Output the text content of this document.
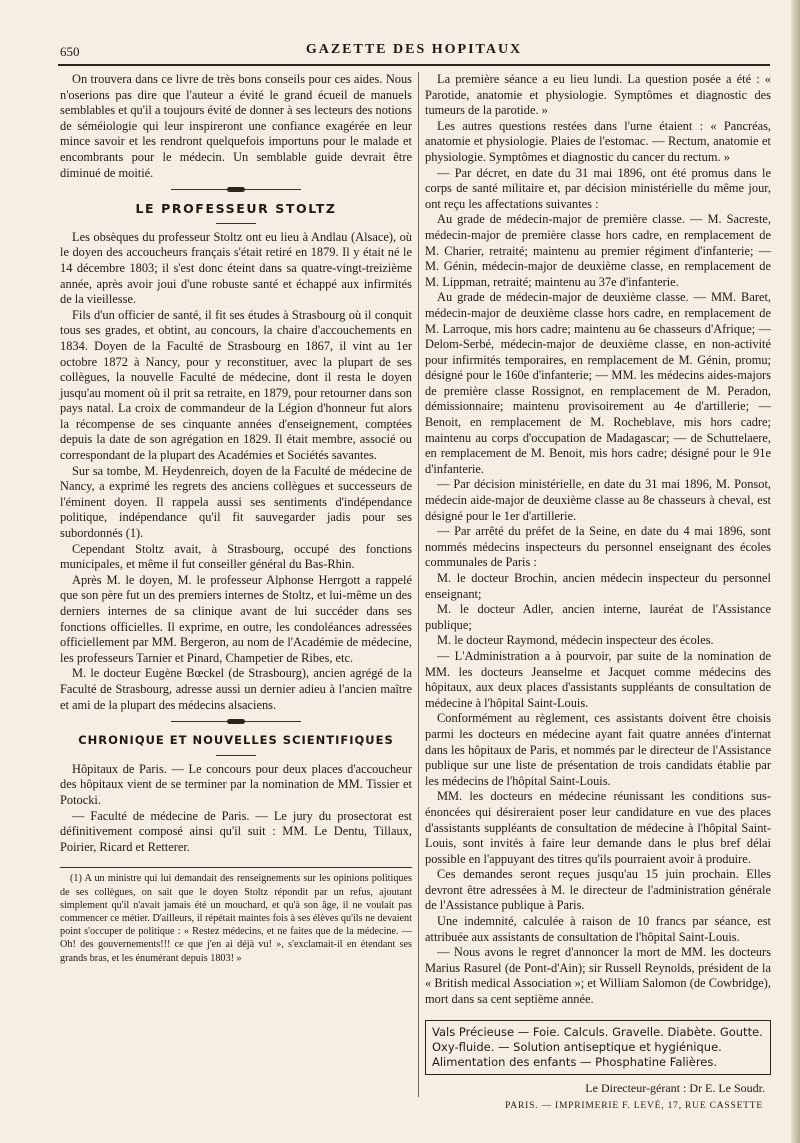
650	GAZETTE DES HOPITAUX

On trouvera dans ce livre de très bons conseils pour ces aides. Nous n'oserions pas dire que l'auteur a évité le grand écueil de manuels semblables et qu'il a toujours évité de donner à ses lecteurs des notions de séméiologie qui leur inspireront une confiance exagérée en leur mince savoir et les rendront quelquefois importuns pour le malade et encombrants pour le médecin. Un semblable guide devrait être diminué de moitié.

LE PROFESSEUR STOLTZ

Les obsèques du professeur Stoltz ont eu lieu à Andlau (Alsace), où le doyen des accoucheurs français s'était retiré en 1879. Il y était né le 14 décembre 1803; il s'est donc éteint dans sa quatre-vingt-treizième année, après avoir joui d'une robuste santé et échappé aux infirmités de la vieillesse.

Fils d'un officier de santé, il fit ses études à Strasbourg où il conquit tous ses grades, et obtint, au concours, la chaire d'accouchements en 1834. Doyen de la Faculté de Strasbourg en 1867, il vint au 1er octobre 1872 à Nancy, pour y reconstituer, avec la plupart de ses collègues, la nouvelle Faculté de médecine, dont il resta le doyen jusqu'au moment où il prit sa retraite, en 1879, pour retourner dans son pays natal. La croix de commandeur de la Légion d'honneur fut alors la récompense de ses cinquante années d'enseignement, comptées depuis la date de son agrégation en 1829. Il était membre, associé ou correspondant de la plupart des Académies et Sociétés savantes.

Sur sa tombe, M. Heydenreich, doyen de la Faculté de médecine de Nancy, a exprimé les regrets des anciens collègues et successeurs de l'éminent doyen. Il rappela aussi ses sentiments d'indépendance politique, indépendance qu'il fit sauvegarder jadis pour ses subordonnés (1).

Cependant Stoltz avait, à Strasbourg, occupé des fonctions municipales, et même il fut conseiller général du Bas-Rhin.

Après M. le doyen, M. le professeur Alphonse Herrgott a rappelé que son père fut un des premiers internes de Stoltz, et lui-même un des derniers internes de sa clinique avant de lui succéder dans ses fonctions officielles. Il exprime, en outre, les condoléances adressées officiellement par MM. Bergeron, au nom de l'Académie de médecine, les professeurs Tarnier et Pinard, Champetier de Ribes, etc.

M. le docteur Eugène Bœckel (de Strasbourg), ancien agrégé de la Faculté de Strasbourg, adresse aussi un dernier adieu à l'ancien maître et ami de la plupart des médecins alsaciens.

CHRONIQUE ET NOUVELLES SCIENTIFIQUES

Hôpitaux de Paris. — Le concours pour deux places d'accoucheur des hôpitaux vient de se terminer par la nomination de MM. Tissier et Potocki.

— Faculté de médecine de Paris. — Le jury du prosectorat est définitivement composé ainsi qu'il suit : MM. Le Dentu, Tillaux, Poirier, Ricard et Retterer.

(1) A un ministre qui lui demandait des renseignements sur les opinions politiques de ses collègues, on sait que le doyen Stoltz répondit par un refus, ajoutant simplement qu'il n'avait jamais été un mouchard, et qu'à son âge, il ne voulait pas commencer ce métier. D'ailleurs, il répétait maintes fois à ses élèves qu'ils ne devaient point s'occuper de politique : « Restez médecins, et ne faites que de la médecine. — Oh! des gouvernements!!! ce que j'en ai déjà vu! », s'exclamait-il en étendant ses grands bras, et les énumérant depuis 1803! »

La première séance a eu lieu lundi. La question posée a été : « Parotide, anatomie et physiologie. Symptômes et diagnostic des tumeurs de la parotide. »

Les autres questions restées dans l'urne étaient : « Pancréas, anatomie et physiologie. Plaies de l'estomac. — Rectum, anatomie et physiologie. Symptômes et diagnostic du cancer du rectum. »

— Par décret, en date du 31 mai 1896, ont été promus dans le corps de santé militaire et, par décision ministérielle du même jour, ont reçu les affectations suivantes :

Au grade de médecin-major de première classe. — M. Sacreste, médecin-major de première classe hors cadre, en remplacement de M. Charier, retraité; maintenu au premier régiment d'infanterie; — M. Génin, médecin-major de deuxième classe, en remplacement de M. Lippman, retraité; maintenu au 37e d'infanterie.

Au grade de médecin-major de deuxième classe. — MM. Baret, médecin-major de deuxième classe hors cadre, en remplacement de M. Larroque, mis hors cadre; maintenu au 6e chasseurs d'Afrique; — Delom-Serbé, médecin-major de deuxième classe, en non-activité pour infirmités temporaires, en remplacement de M. Génin, promu; désigné pour le 160e d'infanterie; — MM. les médecins aides-majors de première classe Rossignot, en remplacement de M. Peradon, démissionnaire; maintenu provisoirement au 4e d'artillerie; — Benoit, en remplacement de M. Rocheblave, mis hors cadre; maintenu au corps d'occupation de Madagascar; — de Schuttelaere, en remplacement de M. Benoit, mis hors cadre; désigné pour le 91e d'infanterie.

— Par décision ministérielle, en date du 31 mai 1896, M. Ponsot, médecin aide-major de deuxième classe au 8e chasseurs à cheval, est désigné pour le 1er d'artillerie.

— Par arrêté du préfet de la Seine, en date du 4 mai 1896, sont nommés médecins inspecteurs du personnel enseignant des écoles communales de Paris :

M. le docteur Brochin, ancien médecin inspecteur du personnel enseignant;

M. le docteur Adler, ancien interne, lauréat de l'Assistance publique;

M. le docteur Raymond, médecin inspecteur des écoles.

— L'Administration a à pourvoir, par suite de la nomination de MM. les docteurs Jeanselme et Jacquet comme médecins des hôpitaux, aux deux places d'assistants suppléants de consultation de médecine à l'hôpital Saint-Louis.

Conformément au règlement, ces assistants doivent être choisis parmi les docteurs en médecine ayant fait quatre années d'internat dans les hôpitaux de Paris, et nommés par le directeur de l'Assistance publique sur une liste de présentation de trois candidats établie par les médecins de l'hôpital Saint-Louis.

MM. les docteurs en médecine réunissant les conditions sus-énoncées qui désireraient poser leur candidature en vue des places d'assistants suppléants de consultation de médecine à l'hôpital Saint-Louis, sont invités à faire leur demande dans le plus bref délai possible en l'appuyant des titres qu'ils pourraient avoir à produire.

Ces demandes seront reçues jusqu'au 15 juin prochain. Elles devront être adressées à M. le directeur de l'administration générale de l'Assistance publique à Paris.

Une indemnité, calculée à raison de 10 francs par séance, est attribuée aux assistants de consultation de l'hôpital Saint-Louis.

— Nous avons le regret d'annoncer la mort de MM. les docteurs Marius Rasurel (de Pont-d'Ain); sir Russell Reynolds, président de la « British medical Association »; et William Salomon (de Cowbridge), mort dans sa cent septième année.

Vals Précieuse — Foie. Calculs. Gravelle. Diabète. Goutte.
Oxy-fluide. — Solution antiseptique et hygiénique.
Alimentation des enfants — Phosphatine Falières.
Le Directeur-gérant : Dr E. Le Soudr.
PARIS. — IMPRIMERIE F. LEVÉ, 17, RUE CASSETTE
